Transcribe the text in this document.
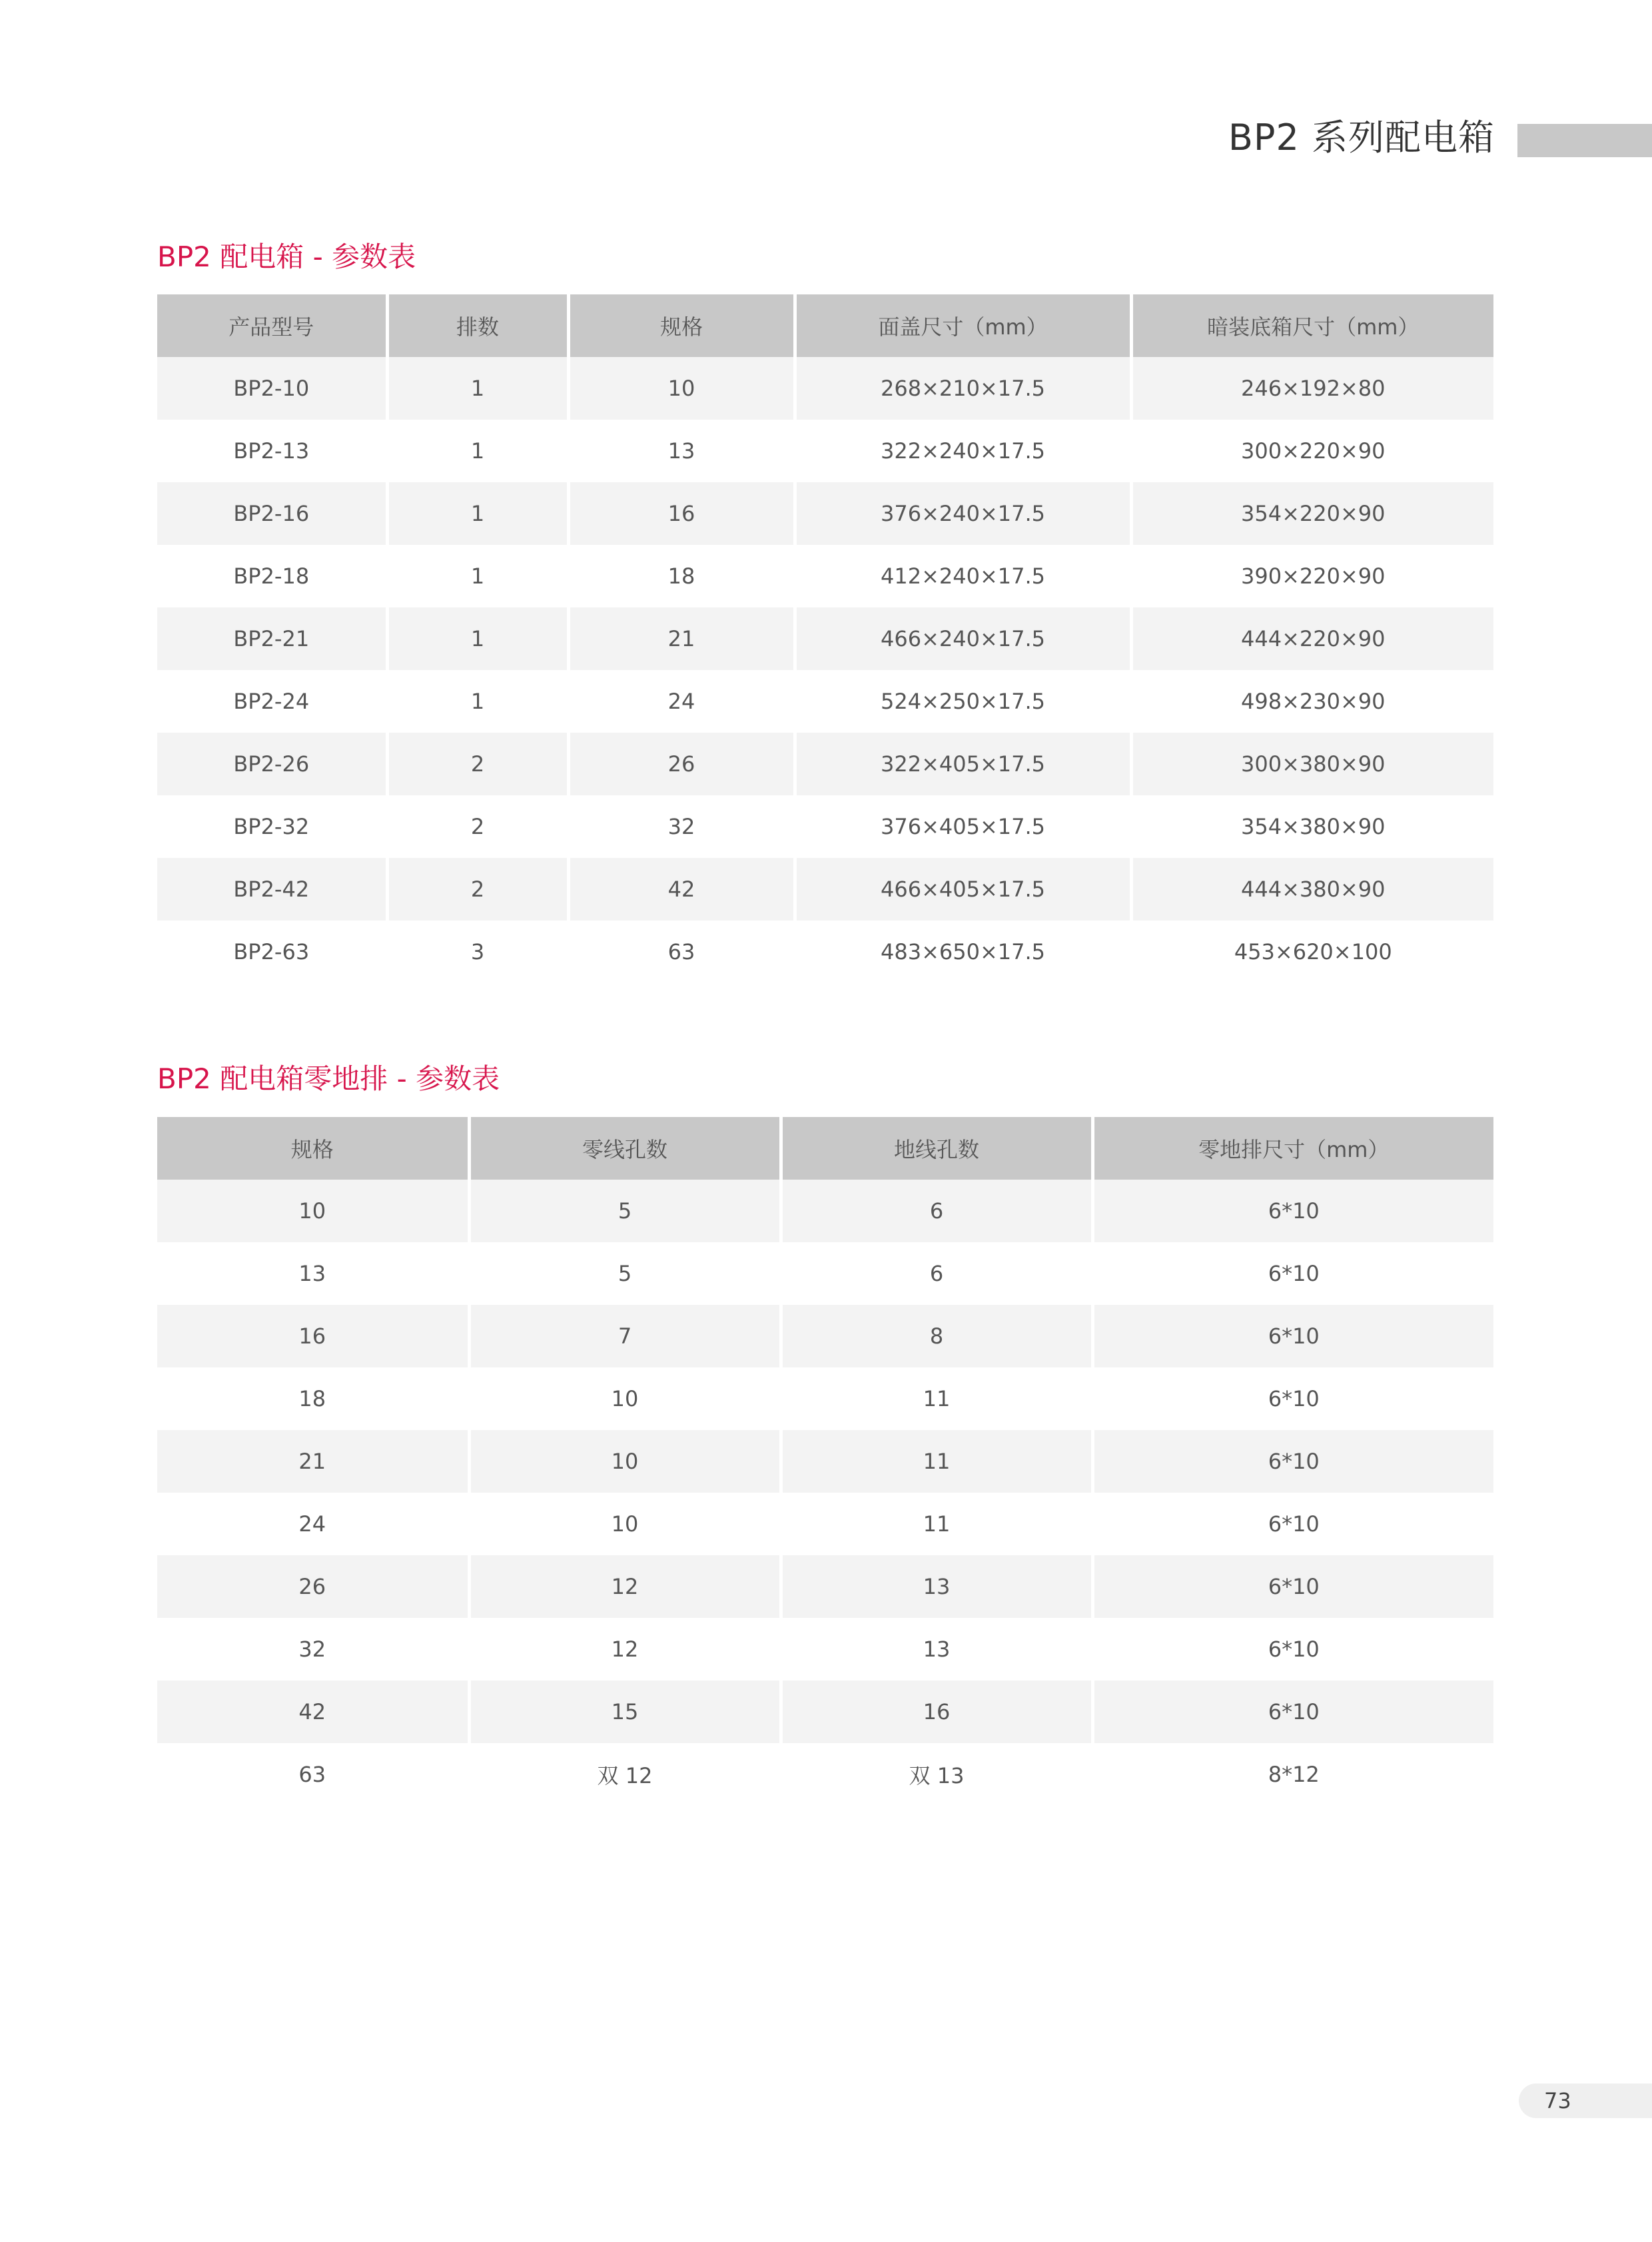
BP2 系列配电箱
BP2 配电箱 - 参数表
产品型号	排数	规格	面盖尺寸（mm）	暗装底箱尺寸（mm）
BP2-10	1	10	268×210×17.5	246×192×80
BP2-13	1	13	322×240×17.5	300×220×90
BP2-16	1	16	376×240×17.5	354×220×90
BP2-18	1	18	412×240×17.5	390×220×90
BP2-21	1	21	466×240×17.5	444×220×90
BP2-24	1	24	524×250×17.5	498×230×90
BP2-26	2	26	322×405×17.5	300×380×90
BP2-32	2	32	376×405×17.5	354×380×90
BP2-42	2	42	466×405×17.5	444×380×90
BP2-63	3	63	483×650×17.5	453×620×100
BP2 配电箱零地排 - 参数表
规格	零线孔数	地线孔数	零地排尺寸（mm）
10	5	6	6*10
13	5	6	6*10
16	7	8	6*10
18	10	11	6*10
21	10	11	6*10
24	10	11	6*10
26	12	13	6*10
32	12	13	6*10
42	15	16	6*10
63	双 12	双 13	8*12
73
